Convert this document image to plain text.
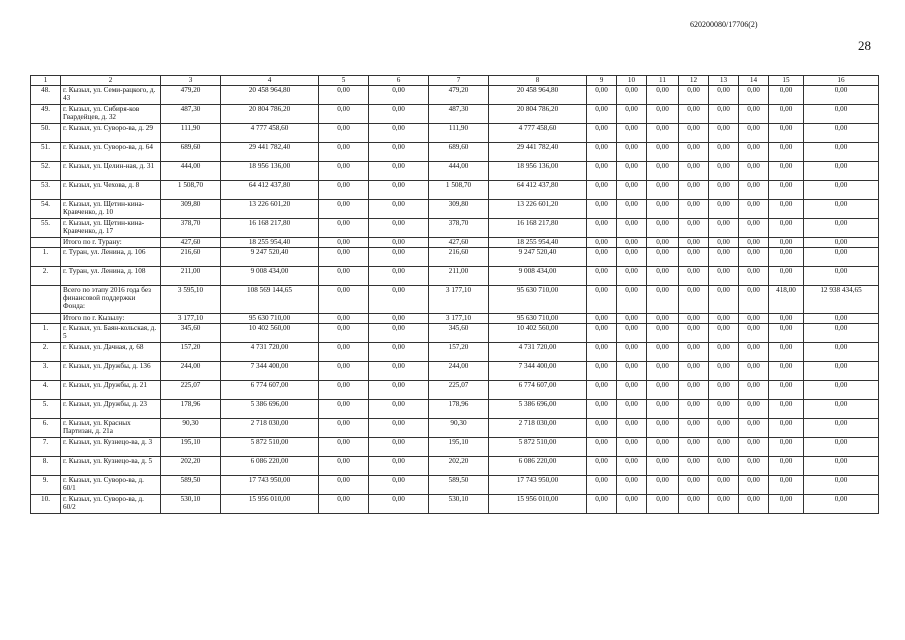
620200080/17706(2)
28
1	2	3	4	5	6	7	8	9	10	11	12	13	14	15	16
48.	г. Кызыл, ул. Семи-рацкого, д. 43	479,20	20 458 964,80	0,00	0,00	479,20	20 458 964,80	0,00	0,00	0,00	0,00	0,00	0,00	0,00	0,00
49.	г. Кызыл, ул. Сибиря-ков Гвардейцев, д. 32	487,30	20 804 786,20	0,00	0,00	487,30	20 804 786,20	0,00	0,00	0,00	0,00	0,00	0,00	0,00	0,00
50.	г. Кызыл, ул. Суворо-ва, д. 29	111,90	4 777 458,60	0,00	0,00	111,90	4 777 458,60	0,00	0,00	0,00	0,00	0,00	0,00	0,00	0,00
51.	г. Кызыл, ул. Суворо-ва, д. 64	689,60	29 441 782,40	0,00	0,00	689,60	29 441 782,40	0,00	0,00	0,00	0,00	0,00	0,00	0,00	0,00
52.	г. Кызыл, ул. Целин-ная, д. 31	444,00	18 956 136,00	0,00	0,00	444,00	18 956 136,00	0,00	0,00	0,00	0,00	0,00	0,00	0,00	0,00
53.	г. Кызыл, ул. Чехова, д. 8	1 508,70	64 412 437,80	0,00	0,00	1 508,70	64 412 437,80	0,00	0,00	0,00	0,00	0,00	0,00	0,00	0,00
54.	г. Кызыл, ул. Щетин-кина-Кравченко, д. 10	309,80	13 226 601,20	0,00	0,00	309,80	13 226 601,20	0,00	0,00	0,00	0,00	0,00	0,00	0,00	0,00
55.	г. Кызыл, ул. Щетин-кина-Кравченко, д. 17	378,70	16 168 217,80	0,00	0,00	378,70	16 168 217,80	0,00	0,00	0,00	0,00	0,00	0,00	0,00	0,00
	Итого по г. Турану:	427,60	18 255 954,40	0,00	0,00	427,60	18 255 954,40	0,00	0,00	0,00	0,00	0,00	0,00	0,00	0,00
1.	г. Туран, ул. Ленина, д. 106	216,60	9 247 520,40	0,00	0,00	216,60	9 247 520,40	0,00	0,00	0,00	0,00	0,00	0,00	0,00	0,00
2.	г. Туран, ул. Ленина, д. 108	211,00	9 008 434,00	0,00	0,00	211,00	9 008 434,00	0,00	0,00	0,00	0,00	0,00	0,00	0,00	0,00
	Всего по этапу 2016 года без финансовой поддержки Фонда:	3 595,10	108 569 144,65	0,00	0,00	3 177,10	95 630 710,00	0,00	0,00	0,00	0,00	0,00	0,00	418,00	12 938 434,65
	Итого по г. Кызылу:	3 177,10	95 630 710,00	0,00	0,00	3 177,10	95 630 710,00	0,00	0,00	0,00	0,00	0,00	0,00	0,00	0,00
1.	г. Кызыл, ул. Баян-кольская, д. 5	345,60	10 402 560,00	0,00	0,00	345,60	10 402 560,00	0,00	0,00	0,00	0,00	0,00	0,00	0,00	0,00
2.	г. Кызыл, ул. Дачная, д. 68	157,20	4 731 720,00	0,00	0,00	157,20	4 731 720,00	0,00	0,00	0,00	0,00	0,00	0,00	0,00	0,00
3.	г. Кызыл, ул. Дружбы, д. 136	244,00	7 344 400,00	0,00	0,00	244,00	7 344 400,00	0,00	0,00	0,00	0,00	0,00	0,00	0,00	0,00
4.	г. Кызыл, ул. Дружбы, д. 21	225,07	6 774 607,00	0,00	0,00	225,07	6 774 607,00	0,00	0,00	0,00	0,00	0,00	0,00	0,00	0,00
5.	г. Кызыл, ул. Дружбы, д. 23	178,96	5 386 696,00	0,00	0,00	178,96	5 386 696,00	0,00	0,00	0,00	0,00	0,00	0,00	0,00	0,00
6.	г. Кызыл, ул. Красных Партизан, д. 21а	90,30	2 718 030,00	0,00	0,00	90,30	2 718 030,00	0,00	0,00	0,00	0,00	0,00	0,00	0,00	0,00
7.	г. Кызыл, ул. Кузнецо-ва, д. 3	195,10	5 872 510,00	0,00	0,00	195,10	5 872 510,00	0,00	0,00	0,00	0,00	0,00	0,00	0,00	0,00
8.	г. Кызыл, ул. Кузнецо-ва, д. 5	202,20	6 086 220,00	0,00	0,00	202,20	6 086 220,00	0,00	0,00	0,00	0,00	0,00	0,00	0,00	0,00
9.	г. Кызыл, ул. Суворо-ва, д. 60/1	589,50	17 743 950,00	0,00	0,00	589,50	17 743 950,00	0,00	0,00	0,00	0,00	0,00	0,00	0,00	0,00
10.	г. Кызыл, ул. Суворо-ва, д. 60/2	530,10	15 956 010,00	0,00	0,00	530,10	15 956 010,00	0,00	0,00	0,00	0,00	0,00	0,00	0,00	0,00
